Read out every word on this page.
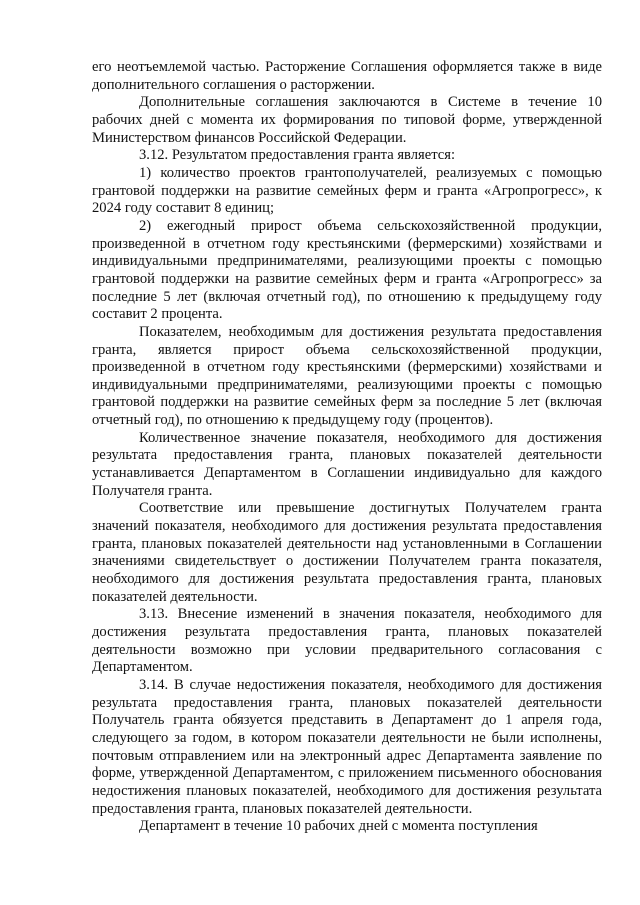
его неотъемлемой частью. Расторжение Соглашения оформляется также в виде дополнительного соглашения о расторжении.

Дополнительные соглашения заключаются в Системе в течение 10 рабочих дней с момента их формирования по типовой форме, утвержденной Министерством финансов Российской Федерации.

3.12. Результатом предоставления гранта является:

1) количество проектов грантополучателей, реализуемых с помощью грантовой поддержки на развитие семейных ферм и гранта «Агропрогресс», к 2024 году составит 8 единиц;

2) ежегодный прирост объема сельскохозяйственной продукции, произведенной в отчетном году крестьянскими (фермерскими) хозяйствами и индивидуальными предпринимателями, реализующими проекты с помощью грантовой поддержки на развитие семейных ферм и гранта «Агропрогресс» за последние 5 лет (включая отчетный год), по отношению к предыдущему году составит 2 процента.

Показателем, необходимым для достижения результата предоставления гранта, является прирост объема сельскохозяйственной продукции, произведенной в отчетном году крестьянскими (фермерскими) хозяйствами и индивидуальными предпринимателями, реализующими проекты с помощью грантовой поддержки на развитие семейных ферм за последние 5 лет (включая отчетный год), по отношению к предыдущему году (процентов).

Количественное значение показателя, необходимого для достижения результата предоставления гранта, плановых показателей деятельности устанавливается Департаментом в Соглашении индивидуально для каждого Получателя гранта.

Соответствие или превышение достигнутых Получателем гранта значений показателя, необходимого для достижения результата предоставления гранта, плановых показателей деятельности над установленными в Соглашении значениями свидетельствует о достижении Получателем гранта показателя, необходимого для достижения результата предоставления гранта, плановых показателей деятельности.

3.13. Внесение изменений в значения показателя, необходимого для достижения результата предоставления гранта, плановых показателей деятельности возможно при условии предварительного согласования с Департаментом.

3.14. В случае недостижения показателя, необходимого для достижения результата предоставления гранта, плановых показателей деятельности Получатель гранта обязуется представить в Департамент до 1 апреля года, следующего за годом, в котором показатели деятельности не были исполнены, почтовым отправлением или на электронный адрес Департамента заявление по форме, утвержденной Департаментом, с приложением письменного обоснования недостижения плановых показателей, необходимого для достижения результата предоставления гранта, плановых показателей деятельности.

Департамент в течение 10 рабочих дней с момента поступления
